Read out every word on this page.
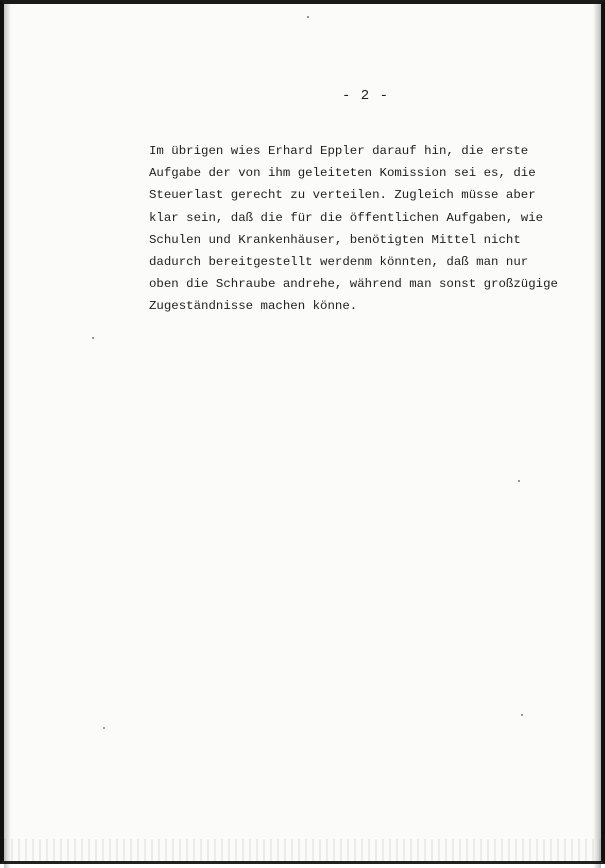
- 2 -
Im übrigen wies Erhard Eppler darauf hin, die erste
Aufgabe der von ihm geleiteten Komission sei es, die
Steuerlast gerecht zu verteilen. Zugleich müsse aber
klar sein, daß die für die öffentlichen Aufgaben, wie
Schulen und Krankenhäuser, benötigten Mittel nicht
dadurch bereitgestellt werdenm könnten, daß man nur
oben die Schraube andrehe, während man sonst großzügige
Zugeständnisse machen könne.
